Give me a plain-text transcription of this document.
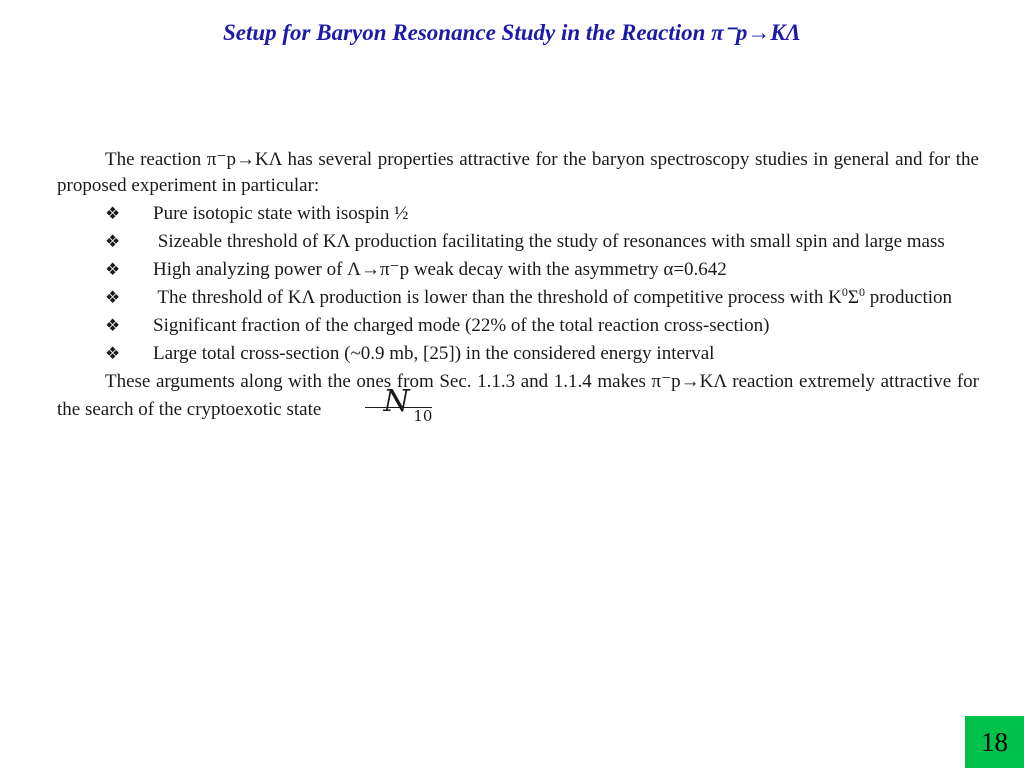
Setup for Baryon Resonance Study in the Reaction π⁻p→KΛ

The reaction π⁻p→KΛ has several properties attractive for the baryon spectroscopy studies in general and for the proposed experiment in particular:

❖ Pure isotopic state with isospin ½

❖ Sizeable threshold of KΛ production facilitating the study of resonances with small spin and large mass

❖ High analyzing power of Λ→π⁻p weak decay with the asymmetry α=0.642

❖ The threshold of KΛ production is lower than the threshold of competitive process with $K^0\Sigma^0$ production

❖ Significant fraction of the charged mode (22% of the total reaction cross-section)

❖ Large total cross-section (~0.9 mb, [25]) in the considered energy interval

These arguments along with the ones from Sec. 1.1.3 and 1.1.4 makes π⁻p→KΛ reaction extremely attractive for the search of the cryptoexotic state	N 10

18
